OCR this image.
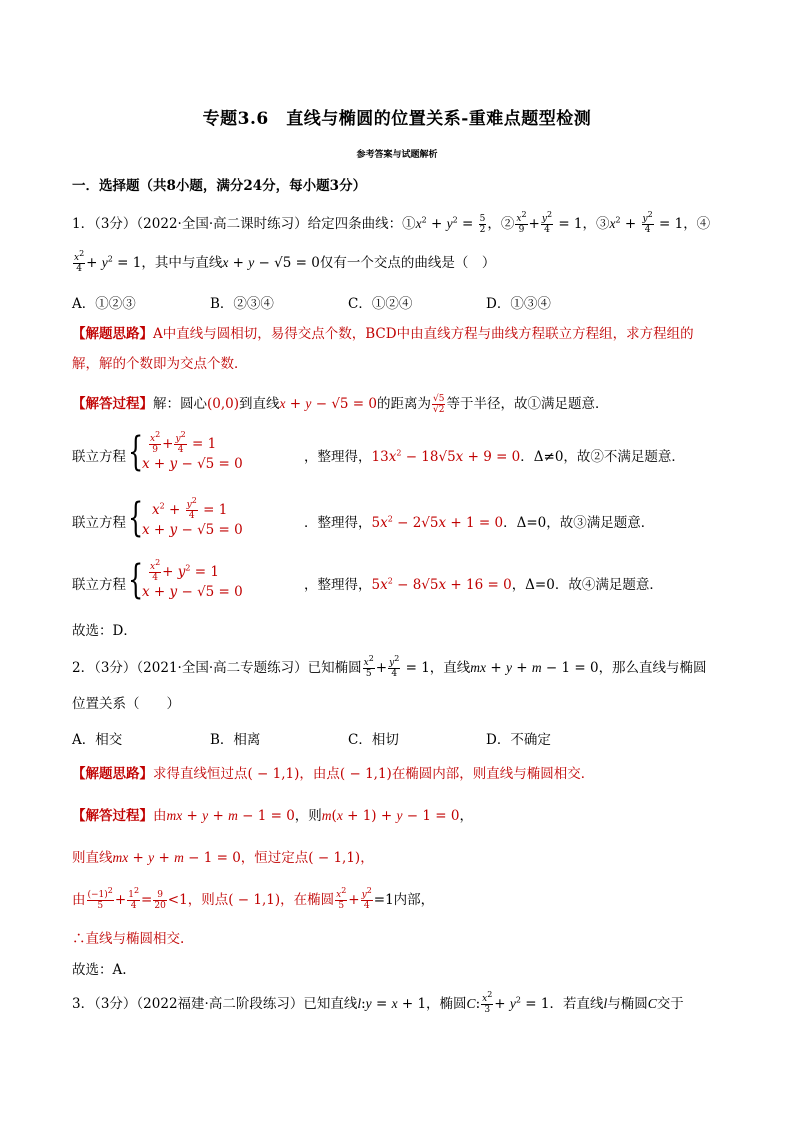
专题3.6　直线与椭圆的位置关系-重难点题型检测
参考答案与试题解析
一．选择题（共8小题，满分24分，每小题3分）
1．（3分）（2022·全国·高二课时练习）给定四条曲线：$①x^2 + y^2 = \frac{5}{2}$ ，② $\frac{x^2}{9} + \frac{y^2}{4} = 1$，$③x^2 + \frac{y^2}{4} = 1$，④
$\frac{x^2}{4} + y^2 = 1$，其中与直线x + y − √5 = 0仅有一个交点的曲线是（　）
A．①②③	B．②③④	C．①②④	D．①③④
【解题思路】A中直线与圆相切，易得交点个数，BCD中由直线方程与曲线方程联立方程组，求方程组的
解，解的个数即为交点个数．
【解答过程】解：圆心(0,0)到直线x + y − √5 = 0的距离为 $\frac{√5}{√2}$ 等于半径，故①满足题意．
联立方程 { $\frac{x^2}{9} + \frac{y^2}{4} = 1$
x + y − √5 = 0	，整理得，$13x^2 - 18√5x + 9 = 0$．Δ≠0，故②不满足题意．
联立方程 { $x^2 + \frac{y^2}{4} = 1$
x + y − √5 = 0	．整理得，$5x^2 - 2√5x + 1 = 0$．Δ=0，故③满足题意．
联立方程 { $\frac{x^2}{4} + y^2 = 1$
x + y − √5 = 0	，整理得，$5x^2 - 8√5x + 16 = 0$，Δ=0．故④满足题意．
故选：D．
2．（3分）（2021·全国·高二专题练习）已知椭圆 $\frac{x^2}{5} + \frac{y^2}{4} = 1$，直线mx + y + m − 1 = 0，那么直线与椭圆
位置关系（　　）
A．相交	B．相离	C．相切	D．不确定
【解题思路】求得直线恒过点( − 1,1)，由点( − 1,1)在椭圆内部，则直线与椭圆相交．
【解答过程】由mx + y + m − 1 = 0，则m(x + 1) + y − 1 = 0，
则直线mx + y + m − 1 = 0，恒过定点( − 1,1)，
由 $\frac{(-1)^2}{5} + \frac{1^2}{4} = \frac{9}{20} <1$，则点( − 1,1)，在椭圆 $\frac{x^2}{5} + \frac{y^2}{4} =1$内部，
∴直线与椭圆相交.
故选：A.
3．（3分）（2022福建·高二阶段练习）已知直线l:y = x + 1，椭圆C: $\frac{x^2}{3} + y^2 = 1$．若直线l与椭圆C交于
